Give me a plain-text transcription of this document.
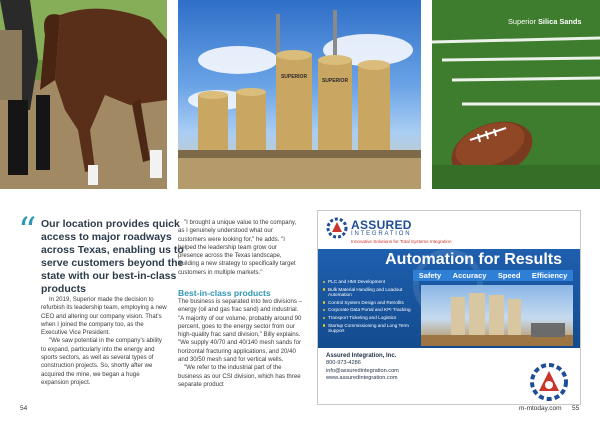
SUPERIOR
SUPERIOR
Superior Silica Sands
“ Our location provides quick access to major roadways across Texas, enabling us to serve customers beyond the state with our best-in-class products

In 2019, Superior made the decision to refurbish its leadership team, employing a new CEO and altering our company vision. That's when I joined the company too, as the Executive Vice President.

"We saw potential in the company's ability to expand, particularly into the energy and sports sectors, as well as several types of construction projects. So, shortly after we acquired the mine, we began a huge expansion project.

"I brought a unique value to the company, as I genuinely understood what our customers were looking for," he adds. "I helped the leadership team grow our presence across the Texas landscape, building a new strategy to specifically target customers in multiple markets."

Best-in-class products

The business is separated into two divisions – energy (oil and gas frac sand) and industrial. "A majority of our volume, probably around 90 percent, goes to the energy sector from our high-quality frac sand division," Billy explains. "We supply 40/70 and 40/140 mesh sands for horizontal fracturing applications, and 20/40 and 30/50 mesh sand for vertical wells.

"We refer to the industrial part of the business as our CSI division, which has three separate product

ASSURED
INTEGRATION
Innovative Solutions for Total Systems Integration
Automation for Results
Safety Accuracy Speed Efficiency
PLC and HMI Development
Bulk Material Handling and Loadout Automation
Control System Design and Retrofits
Corporate Data Portal and KPI Tracking
Transport Ticketing and Logistics
Startup Commissioning and Long Term Support
Assured Integration, Inc.
800-973-4286
info@assuredintegration.com
www.assuredintegration.com
54	m-mtoday.com 55
